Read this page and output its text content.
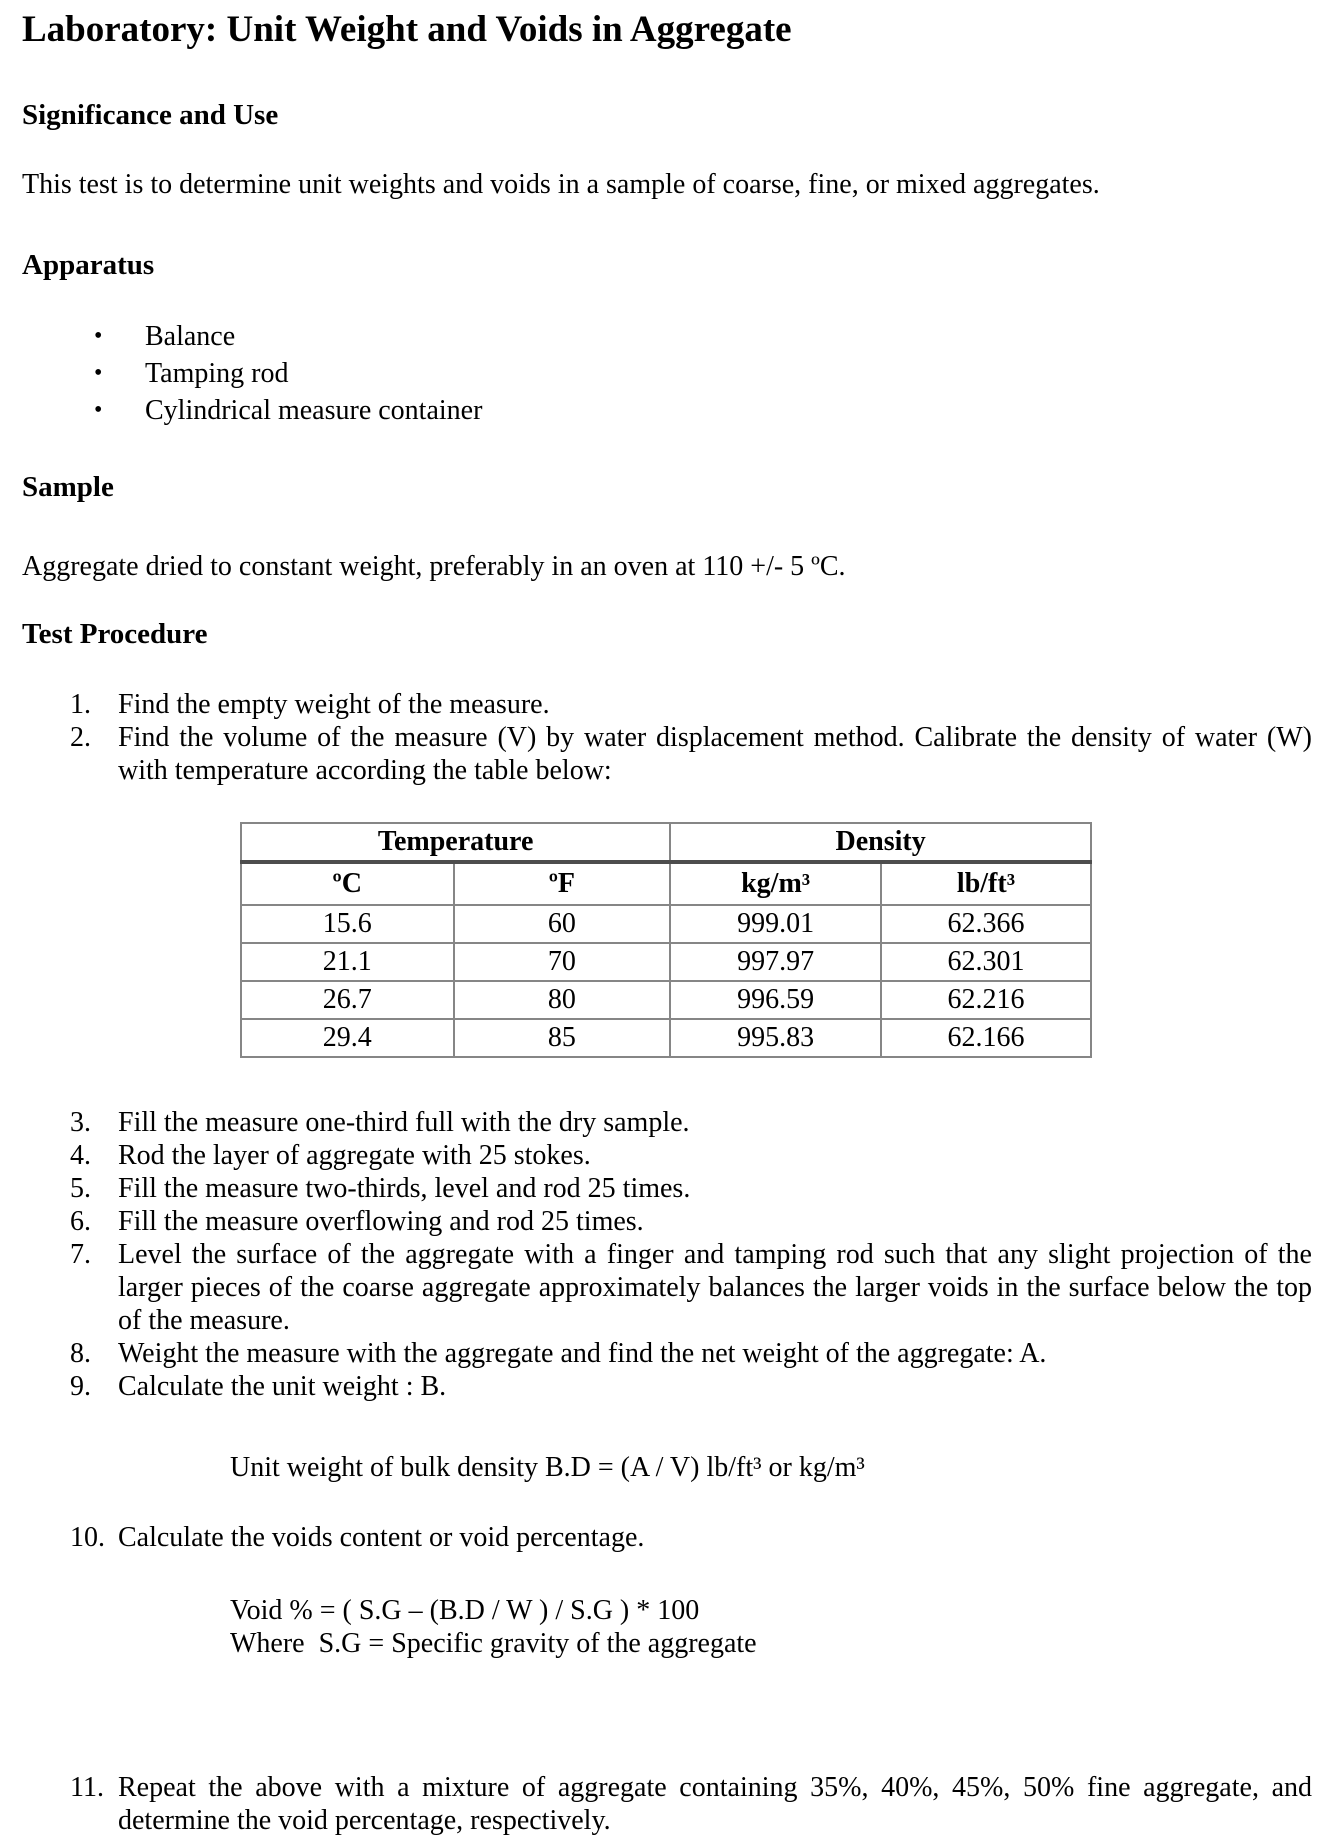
Laboratory: Unit Weight and Voids in Aggregate
Significance and Use

This test is to determine unit weights and voids in a sample of coarse, fine, or mixed aggregates.

Apparatus
• Balance
• Tamping rod
• Cylindrical measure container
Sample

Aggregate dried to constant weight, preferably in an oven at 110 +/- 5 ºC.

Test Procedure
1. Find the empty weight of the measure.
2. Find the volume of the measure (V) by water displacement method. Calibrate the density of water (W) with temperature according the table below:
Temperature		Density	
ºC	ºF	kg/m³	lb/ft³
15.6	60	999.01	62.366
21.1	70	997.97	62.301
26.7	80	996.59	62.216
29.4	85	995.83	62.166
3. Fill the measure one-third full with the dry sample.
4. Rod the layer of aggregate with 25 stokes.
5. Fill the measure two-thirds, level and rod 25 times.
6. Fill the measure overflowing and rod 25 times.
7. Level the surface of the aggregate with a finger and tamping rod such that any slight projection of the larger pieces of the coarse aggregate approximately balances the larger voids in the surface below the top of the measure.
8. Weight the measure with the aggregate and find the net weight of the aggregate: A.
9. Calculate the unit weight : B.

Unit weight of bulk density B.D = (A / V) lb/ft³ or kg/m³

10. Calculate the voids content or void percentage.

Void % = ( S.G – (B.D / W ) / S.G ) * 100

Where  S.G = Specific gravity of the aggregate

11. Repeat the above with a mixture of aggregate containing 35%, 40%, 45%, 50% fine aggregate, and determine the void percentage, respectively.
